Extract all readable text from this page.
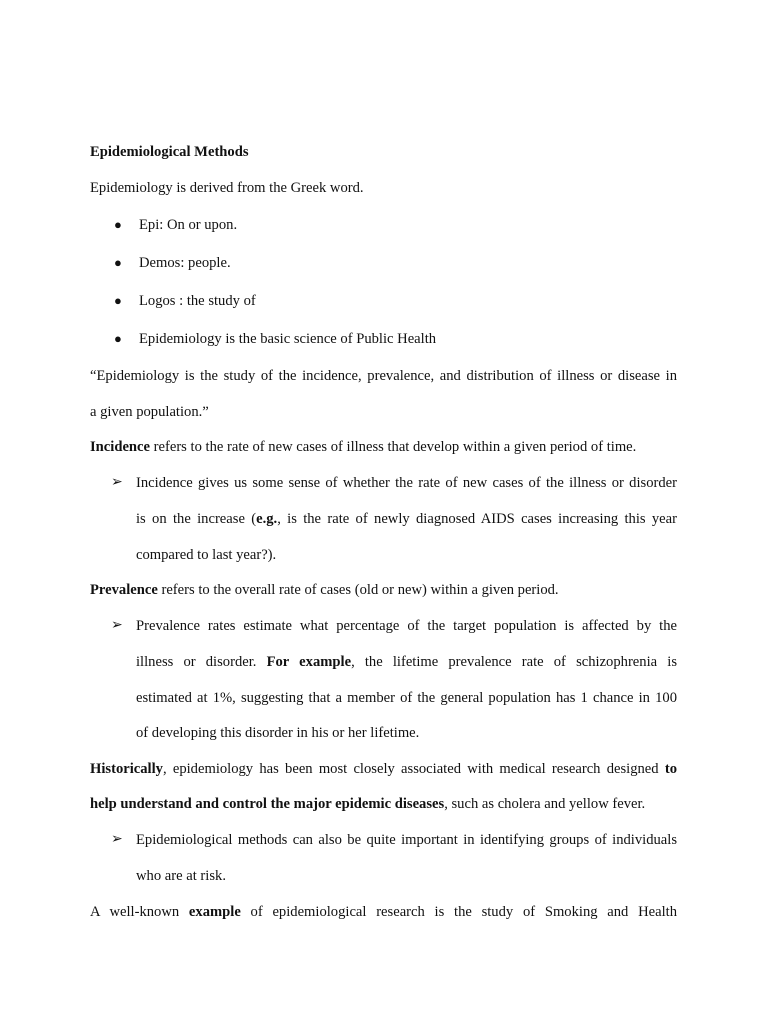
Epidemiological Methods
Epidemiology is derived from the Greek word.
● Epi: On or upon.
● Demos: people.
● Logos : the study of
● Epidemiology is the basic science of Public Health
“Epidemiology is the study of the incidence, prevalence, and distribution of illness or disease in
a given population.”
Incidence refers to the rate of new cases of illness that develop within a given period of time.
➢ Incidence gives us some sense of whether the rate of new cases of the illness or disorder
is on the increase (e.g., is the rate of newly diagnosed AIDS cases increasing this year
compared to last year?).
Prevalence refers to the overall rate of cases (old or new) within a given period.
➢ Prevalence rates estimate what percentage of the target population is affected by the
illness or disorder. For example, the lifetime prevalence rate of schizophrenia is
estimated at 1%, suggesting that a member of the general population has 1 chance in 100
of developing this disorder in his or her lifetime.
Historically, epidemiology has been most closely associated with medical research designed to
help understand and control the major epidemic diseases, such as cholera and yellow fever.
➢ Epidemiological methods can also be quite important in identifying groups of individuals
who are at risk.
A well-known example of epidemiological research is the study of Smoking and Health
